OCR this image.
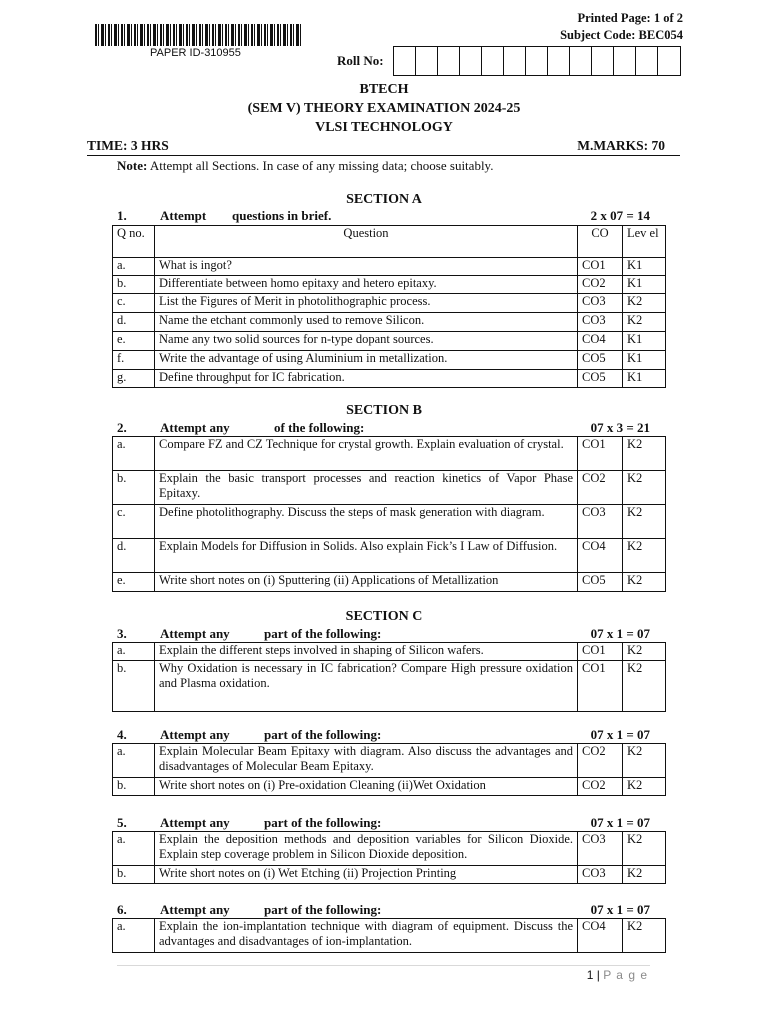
PAPER ID-310955
Printed Page: 1 of 2
Subject Code: BEC054
Roll No:
BTECH
(SEM V) THEORY EXAMINATION 2024-25
VLSI TECHNOLOGY
TIME: 3 HRS	M.MARKS: 70
Note: Attempt all Sections. In case of any missing data; choose suitably.
SECTION A
1.	Attempt questions in brief.	2 x 07 = 14
Q no.	Question	CO	Lev el
a.	What is ingot?	CO1	K1
b.	Differentiate between homo epitaxy and hetero epitaxy.	CO2	K1
c.	List the Figures of Merit in photolithographic process.	CO3	K2
d.	Name the etchant commonly used to remove Silicon.	CO3	K2
e.	Name any two solid sources for n-type dopant sources.	CO4	K1
f.	Write the advantage of using Aluminium in metallization.	CO5	K1
g.	Define throughput for IC fabrication.	CO5	K1
SECTION B
2.	Attempt any	of the following:	07 x 3 = 21
a.	Compare FZ and CZ Technique for crystal growth. Explain evaluation of crystal.	CO1	K2
b.	Explain the basic transport processes and reaction kinetics of Vapor Phase Epitaxy.	CO2	K2
c.	Define photolithography. Discuss the steps of mask generation with diagram.	CO3	K2
d.	Explain Models for Diffusion in Solids. Also explain Fick’s I Law of Diffusion.	CO4	K2
e.	Write short notes on (i) Sputtering (ii) Applications of Metallization	CO5	K2
SECTION C
3.	Attempt any	part of the following:	07 x 1 = 07
a.	Explain the different steps involved in shaping of Silicon wafers.	CO1	K2
b.	Why Oxidation is necessary in IC fabrication? Compare High pressure oxidation and Plasma oxidation.	CO1	K2
4.	Attempt any	part of the following:	07 x 1 = 07
a.	Explain Molecular Beam Epitaxy with diagram. Also discuss the advantages and disadvantages of Molecular Beam Epitaxy.	CO2	K2
b.	Write short notes on (i) Pre-oxidation Cleaning (ii)Wet Oxidation	CO2	K2
5.	Attempt any	part of the following:	07 x 1 = 07
a.	Explain the deposition methods and deposition variables for Silicon Dioxide. Explain step coverage problem in Silicon Dioxide deposition.	CO3	K2
b.	Write short notes on (i) Wet Etching (ii) Projection Printing	CO3	K2
6.	Attempt any	part of the following:	07 x 1 = 07
a.	Explain the ion-implantation technique with diagram of equipment. Discuss the advantages and disadvantages of ion-implantation.	CO4	K2
1 | P a g e
